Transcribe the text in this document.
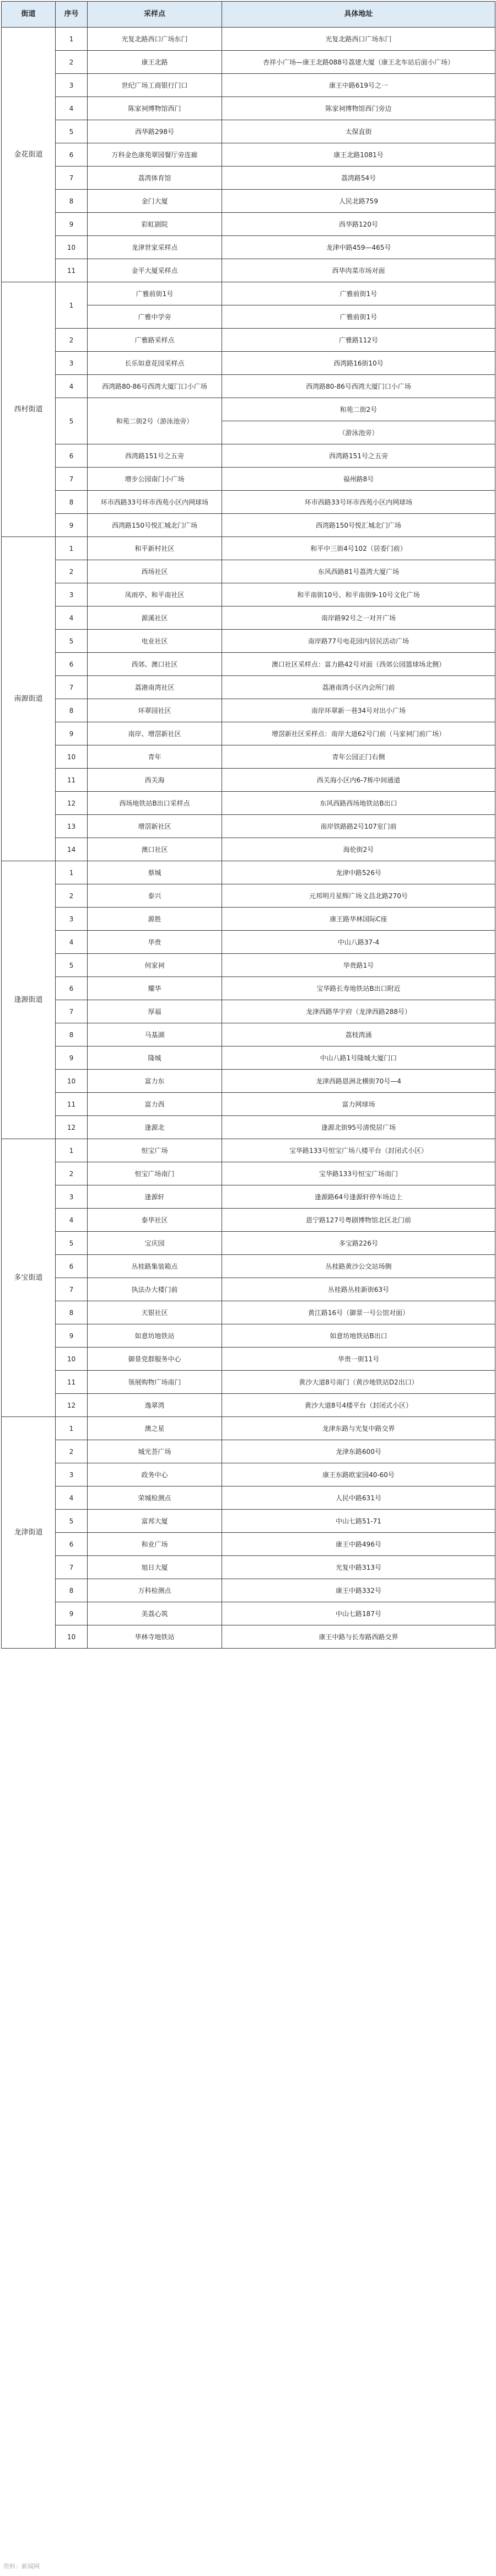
街道	序号	采样点	具体地址
金花街道	1	光复北路西口广场东门	光复北路西口广场东门
	2	康王北路	杏祥小广场—康王北路088号荔建大厦（康王北车站后面小广场）
	3	世纪广场工商银行门口	康王中路619号之一
	4	陈家祠博物馆西门	陈家祠博物馆西门旁边
	5	西华路298号	太保直街
	6	万科金色康苑翠园餐厅旁连廊	康王北路1081号
	7	荔湾体育馆	荔湾路54号
	8	金门大厦	人民北路759
	9	彩虹剧院	西华路120号
	10	龙津世家采样点	龙津中路459—465号
	11	金平大厦采样点	西华肉菜市场对面
西村街道	1	广雅前街1号	广雅前街1号
		广雅中学旁	广雅前街1号
	2	广雅路采样点	广雅路112号
	3	长乐如意花园采样点	西湾路16街10号
	4	西湾路80-86号西湾大厦门口小广场	西湾路80-86号西湾大厦门口小广场
	5	和苑二街2号（游泳池旁）	和苑二街2号
			（游泳池旁）
	6	西湾路151号之五旁	西湾路151号之五旁
	7	增步公园南门小广场	福州路8号
	8	环市西路33号环市西苑小区内网球场	环市西路33号环市西苑小区内网球场
	9	西湾路150号悦汇城北门广场	西湾路150号悦汇城北门广场
南源街道	1	和平新村社区	和平中三街4号102（居委门前）
	2	西场社区	东风西路81号荔湾大厦广场
	3	凤雨亭、和平南社区	和平南街10号、和平南街9-10号文化广场
	4	源溪社区	南岸路92号之一对开广场
	5	电业社区	南岸路77号电花园内居民活动广场
	6	西郊、澳口社区	澳口社区采样点：富力路42号对面（西郊公园篮球场北侧）
	7	荔港南湾社区	荔港南湾小区内会所门前
	8	环翠园社区	南岸环翠新一巷34号对出小广场
	9	南岸、增滘新社区	增滘新社区采样点：南岸大道62号门前（马家祠门前广场）
	10	青年	青年公园正门右侧
	11	西关海	西关海小区内6-7栋中间通道
	12	西场地铁站B出口采样点	东风西路西场地铁站B出口
	13	增滘新社区	南岸铁路路2号107室门前
	14	澳口社区	海伦街2号
逢源街道	1	蔡城	龙津中路526号
	2	泰兴	元邦明月星辉广场文昌北路270号
	3	源胜	康王路华林国际C座
	4	华贵	中山八路37-4
	5	何家祠	华贵路1号
	6	耀华	宝华路长寿地铁站B出口附近
	7	厚福	龙津西路华宇府（龙津西路288号）
	8	马基湖	荔枝湾涌
	9	隆城	中山八路1号隆城大厦门口
	10	富力东	龙津西路恩洲北横街70号—4
	11	富力西	富力网球场
	12	逢源北	逢源北街95号清悦居广场
多宝街道	1	恒宝广场	宝华路133号恒宝广场八楼平台（封闭式小区）
	2	恒宝广场南门	宝华路133号恒宝广场南门
	3	逢源轩	逢源路64号逢源轩停车场边上
	4	泰华社区	恩宁路127号粤剧博物馆北区北门前
	5	宝庆园	多宝路226号
	6	丛桂路集装箱点	丛桂路黄沙公交站场侧
	7	执法办大楼门前	丛桂路丛桂新街63号
	8	天银社区	黄江路16号（御景一号公馆对面）
	9	如意坊地铁站	如意坊地铁站B出口
	10	御景党群服务中心	华贵一街11号
	11	领展购物广场南门	黄沙大道8号南门（黄沙地铁站D2出口）
	12	逸翠湾	黄沙大道8号4楼平台（封闭式小区）
龙津街道	1	澳之星	龙津东路与光复中路交界
	2	城光荟广场	龙津东路600号
	3	政务中心	康王东路欧家园40-60号
	4	荣城检测点	人民中路631号
	5	富邦大厦	中山七路51-71
	6	和业广场	康王中路496号
	7	旭日大厦	光复中路313号
	8	万科检测点	康王中路332号
	9	美荔心筑	中山七路187号
	10	华林寺地铁站	康王中路与长寿路西路交界
资料：新闻网
